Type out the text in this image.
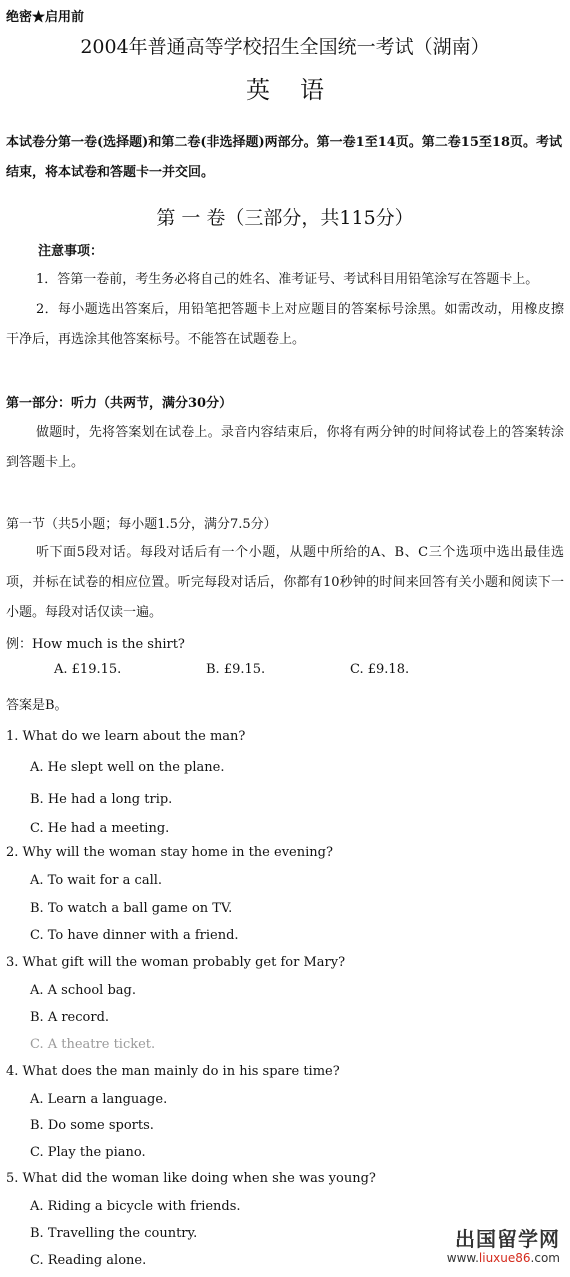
绝密★启用前
2004年普通高等学校招生全国统一考试（湖南）
英语
本试卷分第一卷(选择题)和第二卷(非选择题)两部分。第一卷1至14页。第二卷15至18页。考试结束，将本试卷和答题卡一并交回。
第 一 卷（三部分，共115分）
注意事项：
1．答第一卷前，考生务必将自己的姓名、准考证号、考试科目用铅笔涂写在答题卡上。
2．每小题选出答案后，用铅笔把答题卡上对应题目的答案标号涂黑。如需改动，用橡皮擦干净后，再选涂其他答案标号。不能答在试题卷上。
第一部分：听力（共两节，满分30分）
做题时，先将答案划在试卷上。录音内容结束后，你将有两分钟的时间将试卷上的答案转涂到答题卡上。
第一节（共5小题；每小题1.5分，满分7.5分）
听下面5段对话。每段对话后有一个小题，从题中所给的A、B、C三个选项中选出最佳选项，并标在试卷的相应位置。听完每段对话后，你都有10秒钟的时间来回答有关小题和阅读下一小题。每段对话仅读一遍。
例：How much is the shirt?
A. £19.15.	B. £9.15.	C. £9.18.
答案是B。
1. What do we learn about the man?
A. He slept well on the plane.
B. He had a long trip.
C. He had a meeting.
2. Why will the woman stay home in the evening?
A. To wait for a call.
B. To watch a ball game on TV.
C. To have dinner with a friend.
3. What gift will the woman probably get for Mary?
A. A school bag.
B. A record.
C. A theatre ticket.
4. What does the man mainly do in his spare time?
A. Learn a language.
B. Do some sports.
C. Play the piano.
5. What did the woman like doing when she was young?
A. Riding a bicycle with friends.
B. Travelling the country.
C. Reading alone.
出国留学网
www.liuxue86.com
